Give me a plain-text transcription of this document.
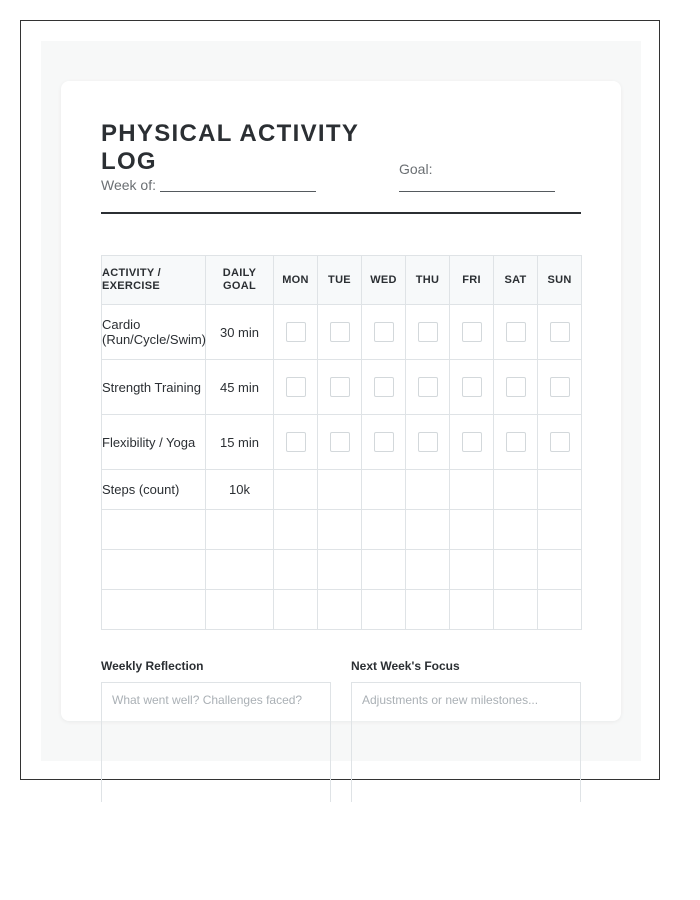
PHYSICAL ACTIVITY LOG
Week of:
Goal:
ACTIVITY / EXERCISE	DAILY GOAL	MON	TUE	WED	THU	FRI	SAT	SUN
Cardio (Run/Cycle/Swim)	30 min							
Strength Training	45 min							
Flexibility / Yoga	15 min							
Steps (count)	10k							

Weekly Reflection
What went well? Challenges faced?	Next Week's Focus
Adjustments or new milestones...
